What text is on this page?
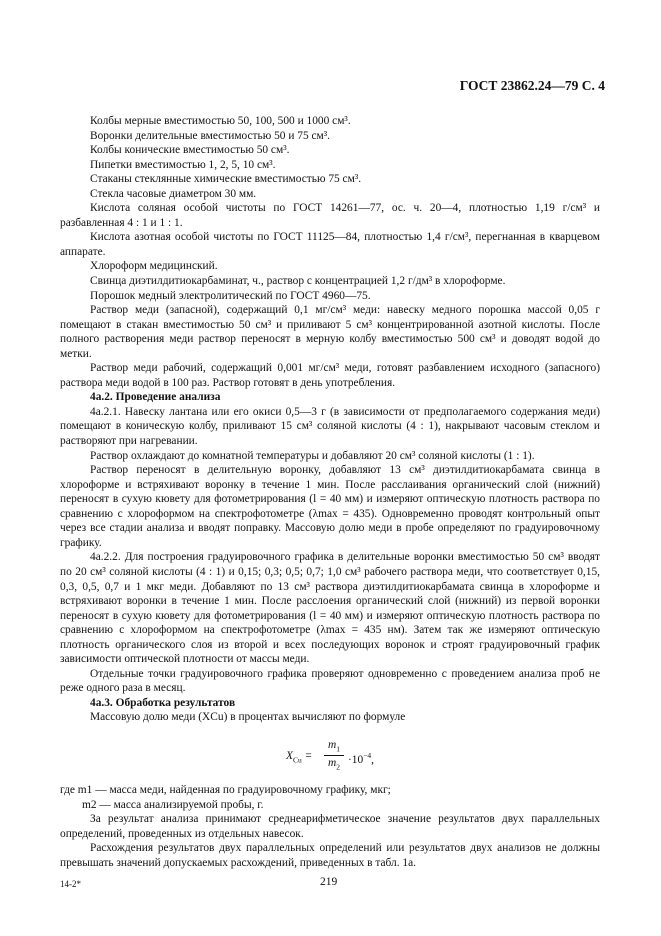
ГОСТ 23862.24—79 С. 4

Колбы мерные вместимостью 50, 100, 500 и 1000 см³.

Воронки делительные вместимостью 50 и 75 см³.

Колбы конические вместимостью 50 см³.

Пипетки вместимостью 1, 2, 5, 10 см³.

Стаканы стеклянные химические вместимостью 75 см³.

Стекла часовые диаметром 30 мм.

Кислота соляная особой чистоты по ГОСТ 14261—77, ос. ч. 20—4, плотностью 1,19 г/см³ и разбавленная 4 : 1 и 1 : 1.

Кислота азотная особой чистоты по ГОСТ 11125—84, плотностью 1,4 г/см³, перегнанная в кварцевом аппарате.

Хлороформ медицинский.

Свинца диэтилдитиокарбаминат, ч., раствор с концентрацией 1,2 г/дм³ в хлороформе.

Порошок медный электролитический по ГОСТ 4960—75.

Раствор меди (запасной), содержащий 0,1 мг/см³ меди: навеску медного порошка массой 0,05 г помещают в стакан вместимостью 50 см³ и приливают 5 см³ концентрированной азотной кислоты. После полного растворения меди раствор переносят в мерную колбу вместимостью 500 см³ и доводят водой до метки.

Раствор меди рабочий, содержащий 0,001 мг/см³ меди, готовят разбавлением исходного (запасного) раствора меди водой в 100 раз. Раствор готовят в день употребления.

4а.2. Проведение анализа

4а.2.1. Навеску лантана или его окиси 0,5—3 г (в зависимости от предполагаемого содержания меди) помещают в коническую колбу, приливают 15 см³ соляной кислоты (4 : 1), накрывают часовым стеклом и растворяют при нагревании.

Раствор охлаждают до комнатной температуры и добавляют 20 см³ соляной кислоты (1 : 1).

Раствор переносят в делительную воронку, добавляют 13 см³ диэтилдитиокарбамата свинца в хлороформе и встряхивают воронку в течение 1 мин. После расслаивания органический слой (нижний) переносят в сухую кювету для фотометрирования (l = 40 мм) и измеряют оптическую плотность раствора по сравнению с хлороформом на спектрофотометре (λmax = 435). Одновременно проводят контрольный опыт через все стадии анализа и вводят поправку. Массовую долю меди в пробе определяют по градуировочному графику.

4а.2.2. Для построения градуировочного графика в делительные воронки вместимостью 50 см³ вводят по 20 см³ соляной кислоты (4 : 1) и 0,15; 0,3; 0,5; 0,7; 1,0 см³ рабочего раствора меди, что соответствует 0,15, 0,3, 0,5, 0,7 и 1 мкг меди. Добавляют по 13 см³ раствора диэтилдитиокарбамата свинца в хлороформе и встряхивают воронки в течение 1 мин. После расслоения органический слой (нижний) из первой воронки переносят в сухую кювету для фотометрирования (l = 40 мм) и измеряют оптическую плотность раствора по сравнению с хлороформом на спектрофотометре (λmax = 435 нм). Затем так же измеряют оптическую плотность органического слоя из второй и всех последующих воронок и строят градуировочный график зависимости оптической плотности от массы меди.

Отдельные точки градуировочного графика проверяют одновременно с проведением анализа проб не реже одного раза в месяц.

4а.3. Обработка результатов

Массовую долю меди (XCu) в процентах вычисляют по формуле

$X_{Cu} = \frac{m_1}{m_2} \cdot 10^{-4}$,

где m1 — масса меди, найденная по градуировочному графику, мкг;

m2 — масса анализируемой пробы, г.

За результат анализа принимают среднеарифметическое значение результатов двух параллельных определений, проведенных из отдельных навесок.

Расхождения результатов двух параллельных определений или результатов двух анализов не должны превышать значений допускаемых расхождений, приведенных в табл. 1а.

14-2*	219
